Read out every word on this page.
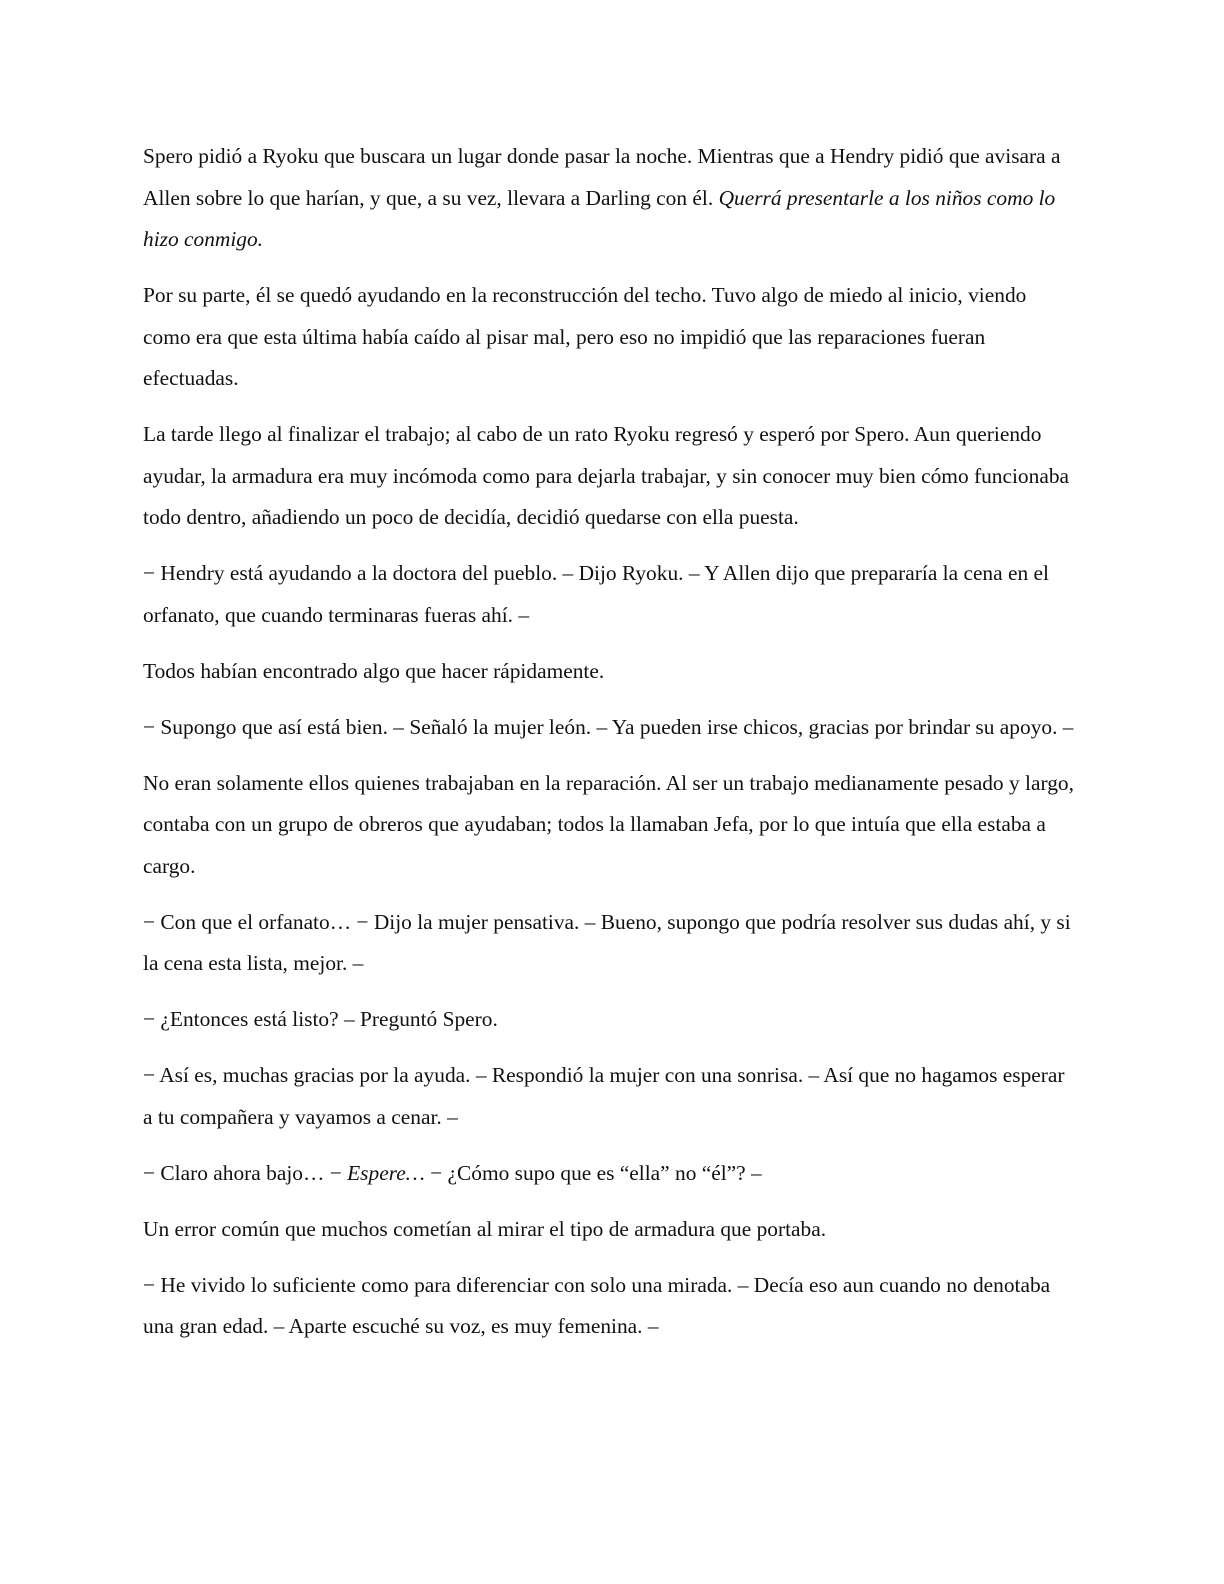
Spero pidió a Ryoku que buscara un lugar donde pasar la noche. Mientras que a Hendry pidió que avisara a Allen sobre lo que harían, y que, a su vez, llevara a Darling con él. Querrá presentarle a los niños como lo hizo conmigo.

Por su parte, él se quedó ayudando en la reconstrucción del techo. Tuvo algo de miedo al inicio, viendo como era que esta última había caído al pisar mal, pero eso no impidió que las reparaciones fueran efectuadas.

La tarde llego al finalizar el trabajo; al cabo de un rato Ryoku regresó y esperó por Spero. Aun queriendo ayudar, la armadura era muy incómoda como para dejarla trabajar, y sin conocer muy bien cómo funcionaba todo dentro, añadiendo un poco de decidía, decidió quedarse con ella puesta.

− Hendry está ayudando a la doctora del pueblo. – Dijo Ryoku. – Y Allen dijo que prepararía la cena en el orfanato, que cuando terminaras fueras ahí. –

Todos habían encontrado algo que hacer rápidamente.

− Supongo que así está bien. – Señaló la mujer león. – Ya pueden irse chicos, gracias por brindar su apoyo. –

No eran solamente ellos quienes trabajaban en la reparación. Al ser un trabajo medianamente pesado y largo, contaba con un grupo de obreros que ayudaban; todos la llamaban Jefa, por lo que intuía que ella estaba a cargo.

− Con que el orfanato… − Dijo la mujer pensativa. – Bueno, supongo que podría resolver sus dudas ahí, y si la cena esta lista, mejor. –

− ¿Entonces está listo? – Preguntó Spero.

− Así es, muchas gracias por la ayuda. – Respondió la mujer con una sonrisa. – Así que no hagamos esperar a tu compañera y vayamos a cenar. –

− Claro ahora bajo… − Espere… − ¿Cómo supo que es “ella” no “él”? –

Un error común que muchos cometían al mirar el tipo de armadura que portaba.

− He vivido lo suficiente como para diferenciar con solo una mirada. – Decía eso aun cuando no denotaba una gran edad. – Aparte escuché su voz, es muy femenina. –
